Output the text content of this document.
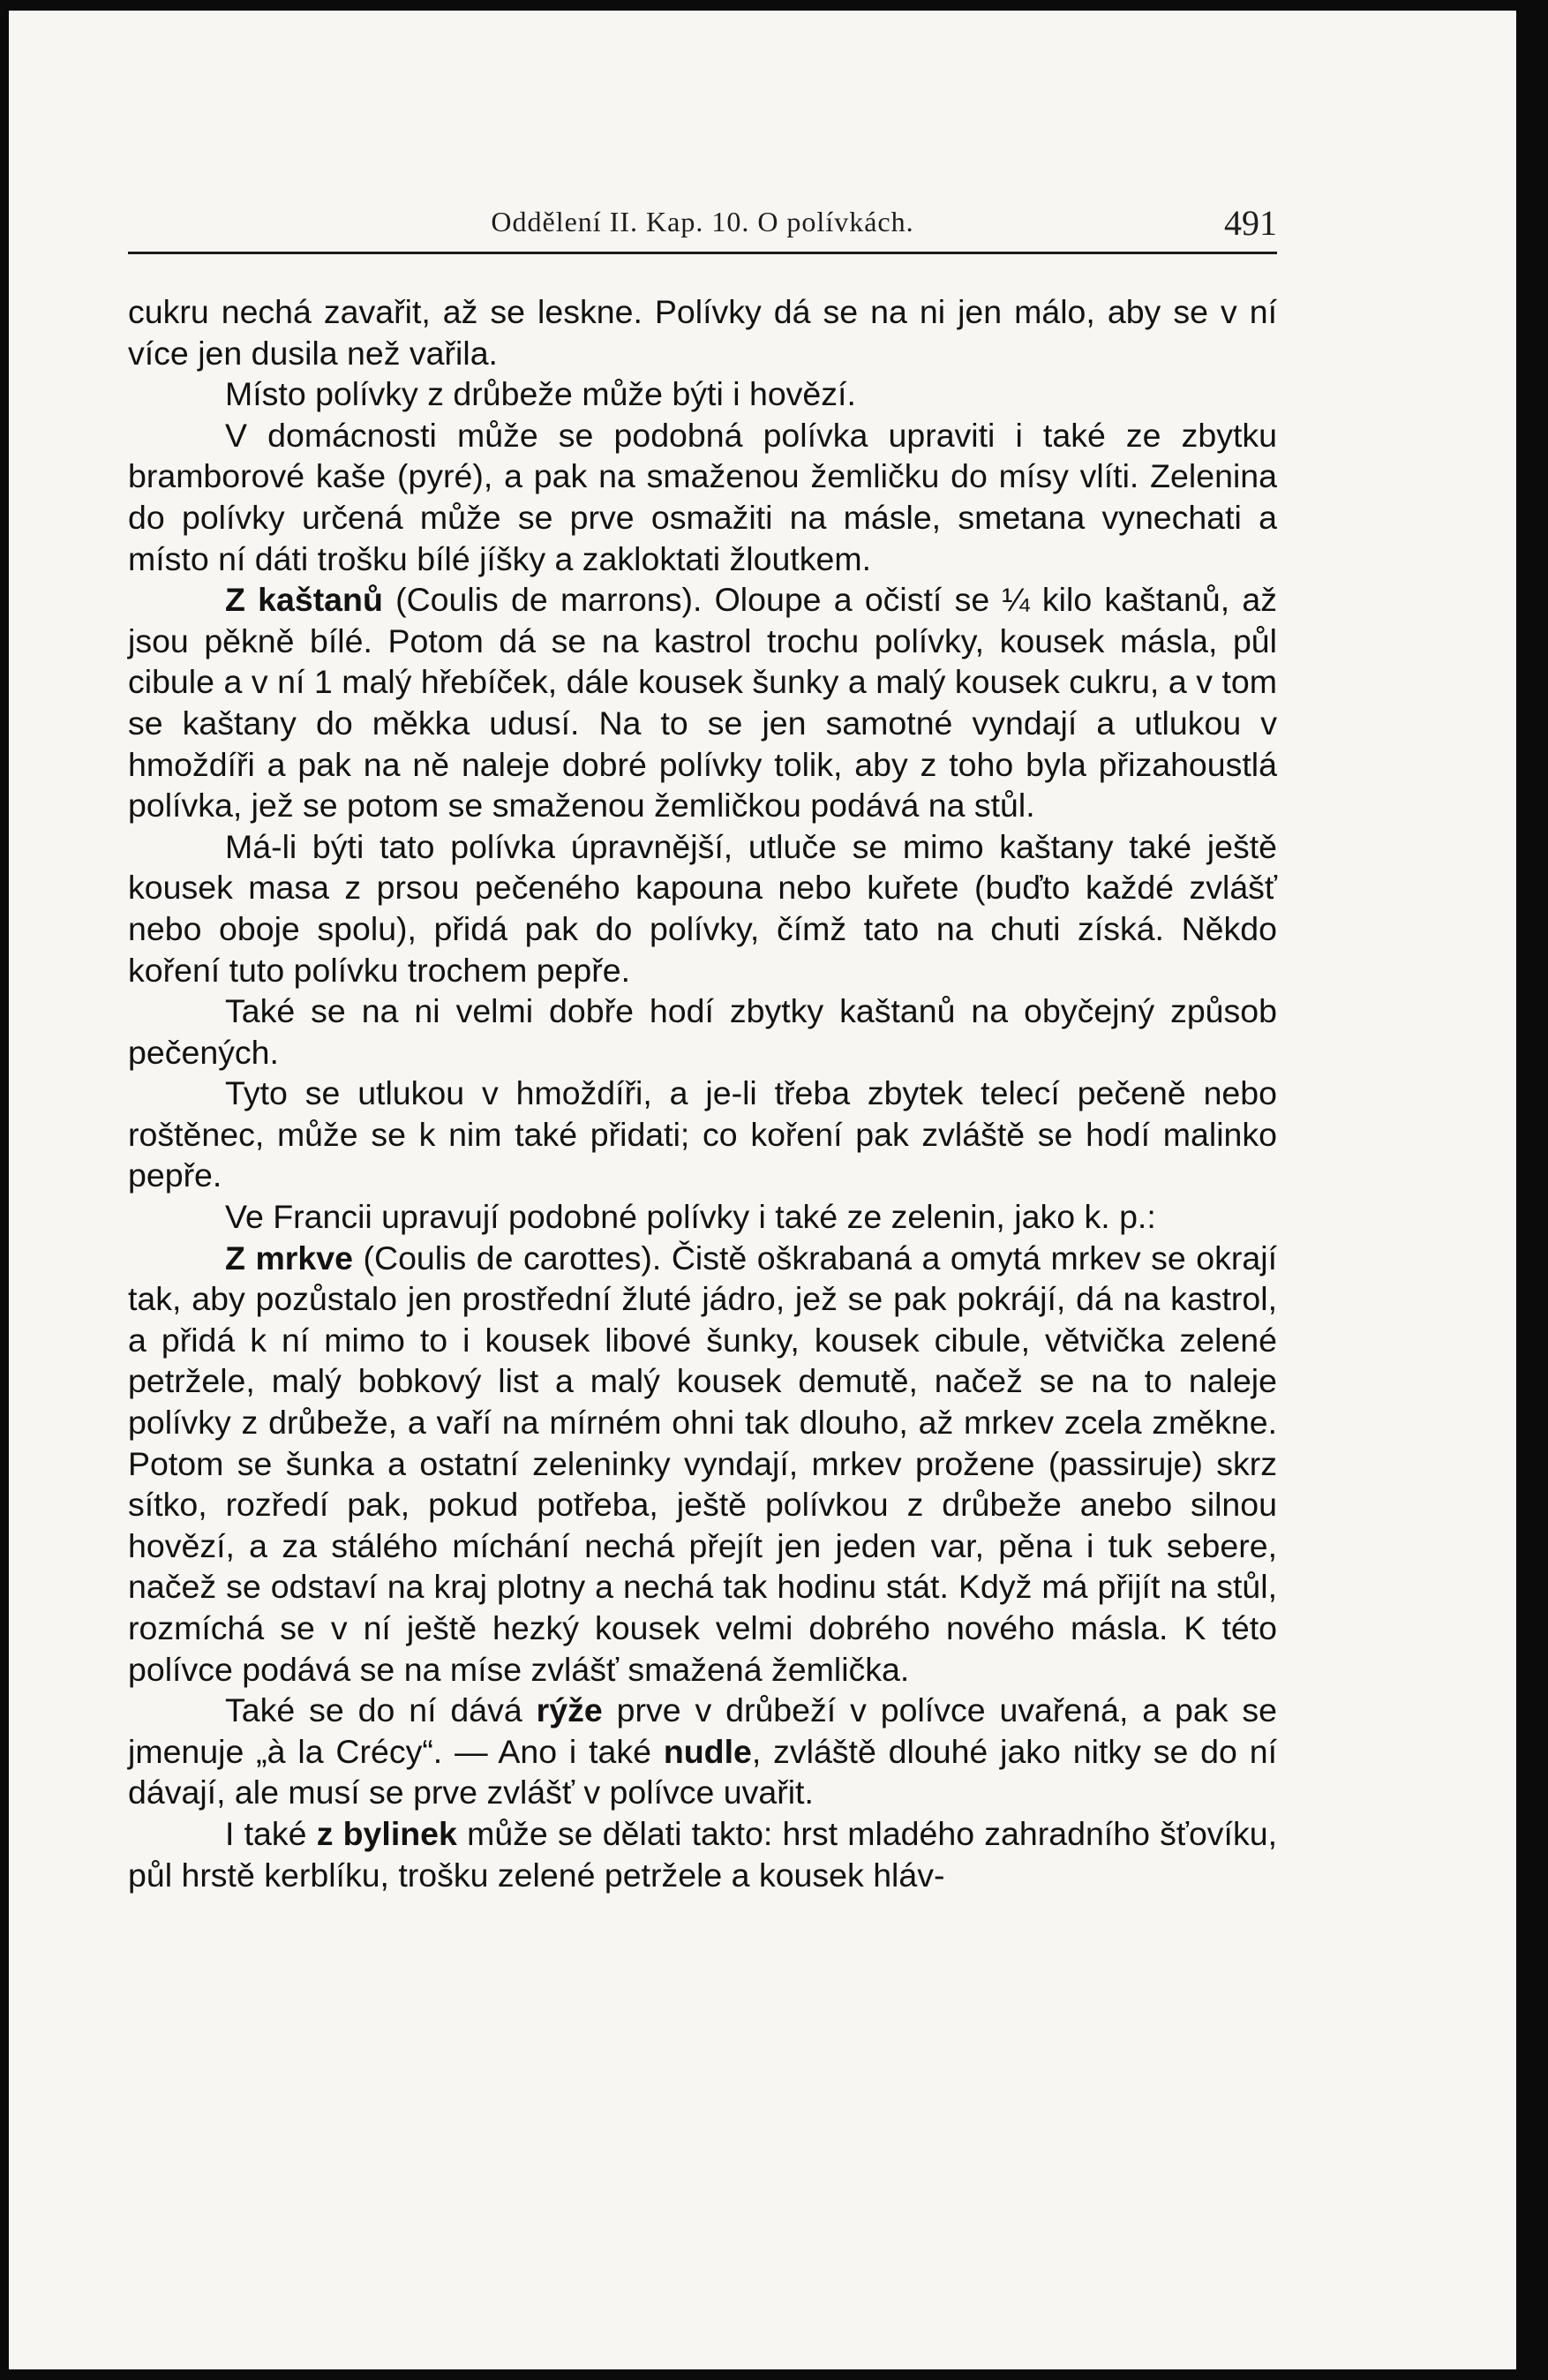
Oddělení II. Kap. 10. O polívkách.	491

cukru nechá zavařit, až se leskne. Polívky dá se na ni jen málo, aby se v ní více jen dusila než vařila.

Místo polívky z drůbeže může býti i hovězí.

V domácnosti může se podobná polívka upraviti i také ze zbytku bramborové kaše (pyré), a pak na smaženou žemličku do mísy vlíti. Zelenina do polívky určená může se prve osmažiti na másle, smetana vynechati a místo ní dáti trošku bílé jíšky a zakloktati žloutkem.

Z kaštanů (Coulis de marrons). Oloupe a očistí se ¼ kilo kaštanů, až jsou pěkně bílé. Potom dá se na kastrol trochu polívky, kousek másla, půl cibule a v ní 1 malý hřebíček, dále kousek šunky a malý kousek cukru, a v tom se kaštany do měkka udusí. Na to se jen samotné vyndají a utlukou v hmoždíři a pak na ně naleje dobré polívky tolik, aby z toho byla přizahoustlá polívka, jež se potom se smaženou žemličkou podává na stůl.

Má-li býti tato polívka úpravnější, utluče se mimo kaštany také ještě kousek masa z prsou pečeného kapouna nebo kuřete (buďto každé zvlášť nebo oboje spolu), přidá pak do polívky, čímž tato na chuti získá. Někdo koření tuto polívku trochem pepře.

Také se na ni velmi dobře hodí zbytky kaštanů na obyčejný způsob pečených.

Tyto se utlukou v hmoždíři, a je-li třeba zbytek telecí pečeně nebo roštěnec, může se k nim také přidati; co koření pak zvláště se hodí malinko pepře.

Ve Francii upravují podobné polívky i také ze zelenin, jako k. p.:

Z mrkve (Coulis de carottes). Čistě oškrabaná a omytá mrkev se okrají tak, aby pozůstalo jen prostřední žluté jádro, jež se pak pokrájí, dá na kastrol, a přidá k ní mimo to i kousek libové šunky, kousek cibule, větvička zelené petržele, malý bobkový list a malý kousek demutě, načež se na to naleje polívky z drůbeže, a vaří na mírném ohni tak dlouho, až mrkev zcela změkne. Potom se šunka a ostatní zeleninky vyndají, mrkev prožene (passiruje) skrz sítko, rozředí pak, pokud potřeba, ještě polívkou z drůbeže anebo silnou hovězí, a za stálého míchání nechá přejít jen jeden var, pěna i tuk sebere, načež se odstaví na kraj plotny a nechá tak hodinu stát. Když má přijít na stůl, rozmíchá se v ní ještě hezký kousek velmi dobrého nového másla. K této polívce podává se na míse zvlášť smažená žemlička.

Také se do ní dává rýže prve v drůbeží v polívce uvařená, a pak se jmenuje „à la Crécy“. — Ano i také nudle, zvláště dlouhé jako nitky se do ní dávají, ale musí se prve zvlášť v polívce uvařit.

I také z bylinek může se dělati takto: hrst mladého zahradního šťovíku, půl hrstě kerblíku, trošku zelené petržele a kousek hláv-
